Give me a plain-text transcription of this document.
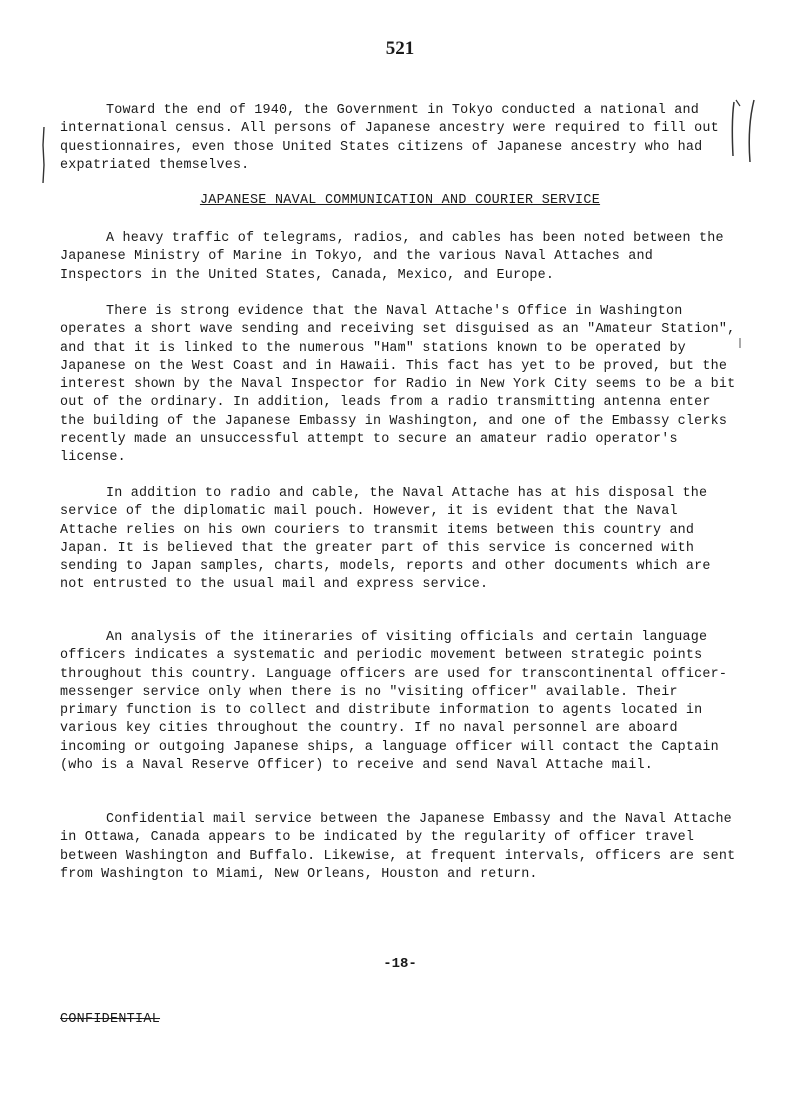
521

Toward the end of 1940, the Government in Tokyo conducted a national and international census. All persons of Japanese ancestry were required to fill out questionnaires, even those United States citizens of Japanese ancestry who had expatriated themselves.

JAPANESE NAVAL COMMUNICATION AND COURIER SERVICE

A heavy traffic of telegrams, radios, and cables has been noted between the Japanese Ministry of Marine in Tokyo, and the various Naval Attaches and Inspectors in the United States, Canada, Mexico, and Europe.

There is strong evidence that the Naval Attache's Office in Washington operates a short wave sending and receiving set disguised as an "Amateur Station", and that it is linked to the numerous "Ham" stations known to be operated by Japanese on the West Coast and in Hawaii. This fact has yet to be proved, but the interest shown by the Naval Inspector for Radio in New York City seems to be a bit out of the ordinary. In addition, leads from a radio transmitting antenna enter the building of the Japanese Embassy in Washington, and one of the Embassy clerks recently made an unsuccessful attempt to secure an amateur radio operator's license.

In addition to radio and cable, the Naval Attache has at his disposal the service of the diplomatic mail pouch. However, it is evident that the Naval Attache relies on his own couriers to transmit items between this country and Japan. It is believed that the greater part of this service is concerned with sending to Japan samples, charts, models, reports and other documents which are not entrusted to the usual mail and express service.

An analysis of the itineraries of visiting officials and certain language officers indicates a systematic and periodic movement between strategic points throughout this country. Language officers are used for transcontinental officer-messenger service only when there is no "visiting officer" available. Their primary function is to collect and distribute information to agents located in various key cities throughout the country. If no naval personnel are aboard incoming or outgoing Japanese ships, a language officer will contact the Captain (who is a Naval Reserve Officer) to receive and send Naval Attache mail.

Confidential mail service between the Japanese Embassy and the Naval Attache in Ottawa, Canada appears to be indicated by the regularity of officer travel between Washington and Buffalo. Likewise, at frequent intervals, officers are sent from Washington to Miami, New Orleans, Houston and return.

-18-
CONFIDENTIAL
